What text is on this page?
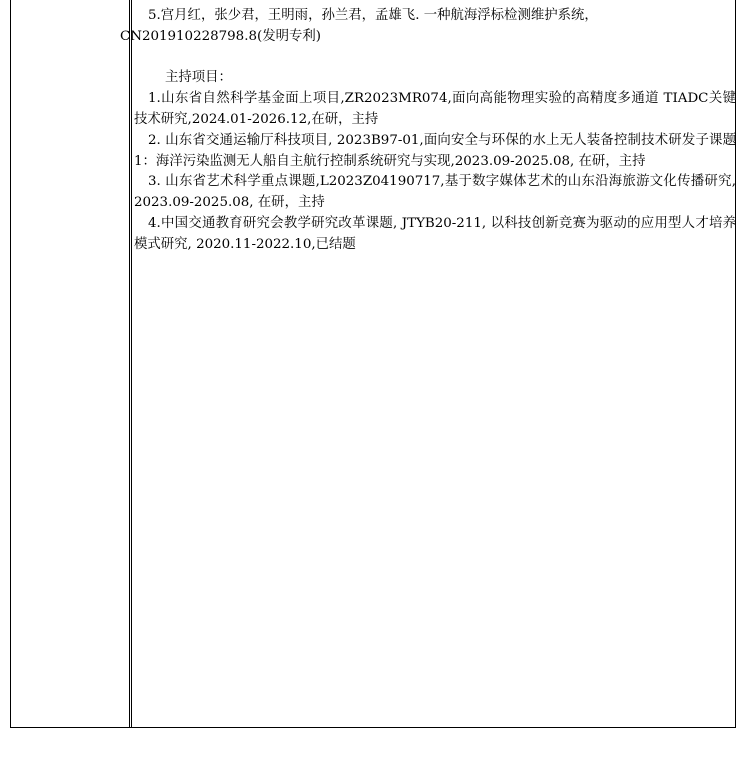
5.宫月红，张少君，王明雨，孙兰君，孟雄飞. 一种航海浮标检测维护系统，
CN201910228798.8(发明专利)

主持项目：

1.山东省自然科学基金面上项目,ZR2023MR074,面向高能物理实验的高精度多通道 TIADC关键技术研究,2024.01-2026.12,在研，主持

2. 山东省交通运输厅科技项目, 2023B97-01,面向安全与环保的水上无人装备控制技术研发子课题 1：海洋污染监测无人船自主航行控制系统研究与实现,2023.09-2025.08, 在研，主持

3. 山东省艺术科学重点课题,L2023Z04190717,基于数字媒体艺术的山东沿海旅游文化传播研究, 2023.09-2025.08, 在研，主持

4.中国交通教育研究会教学研究改革课题, JTYB20-211, 以科技创新竞赛为驱动的应用型人才培养模式研究, 2020.11-2022.10,已结题
